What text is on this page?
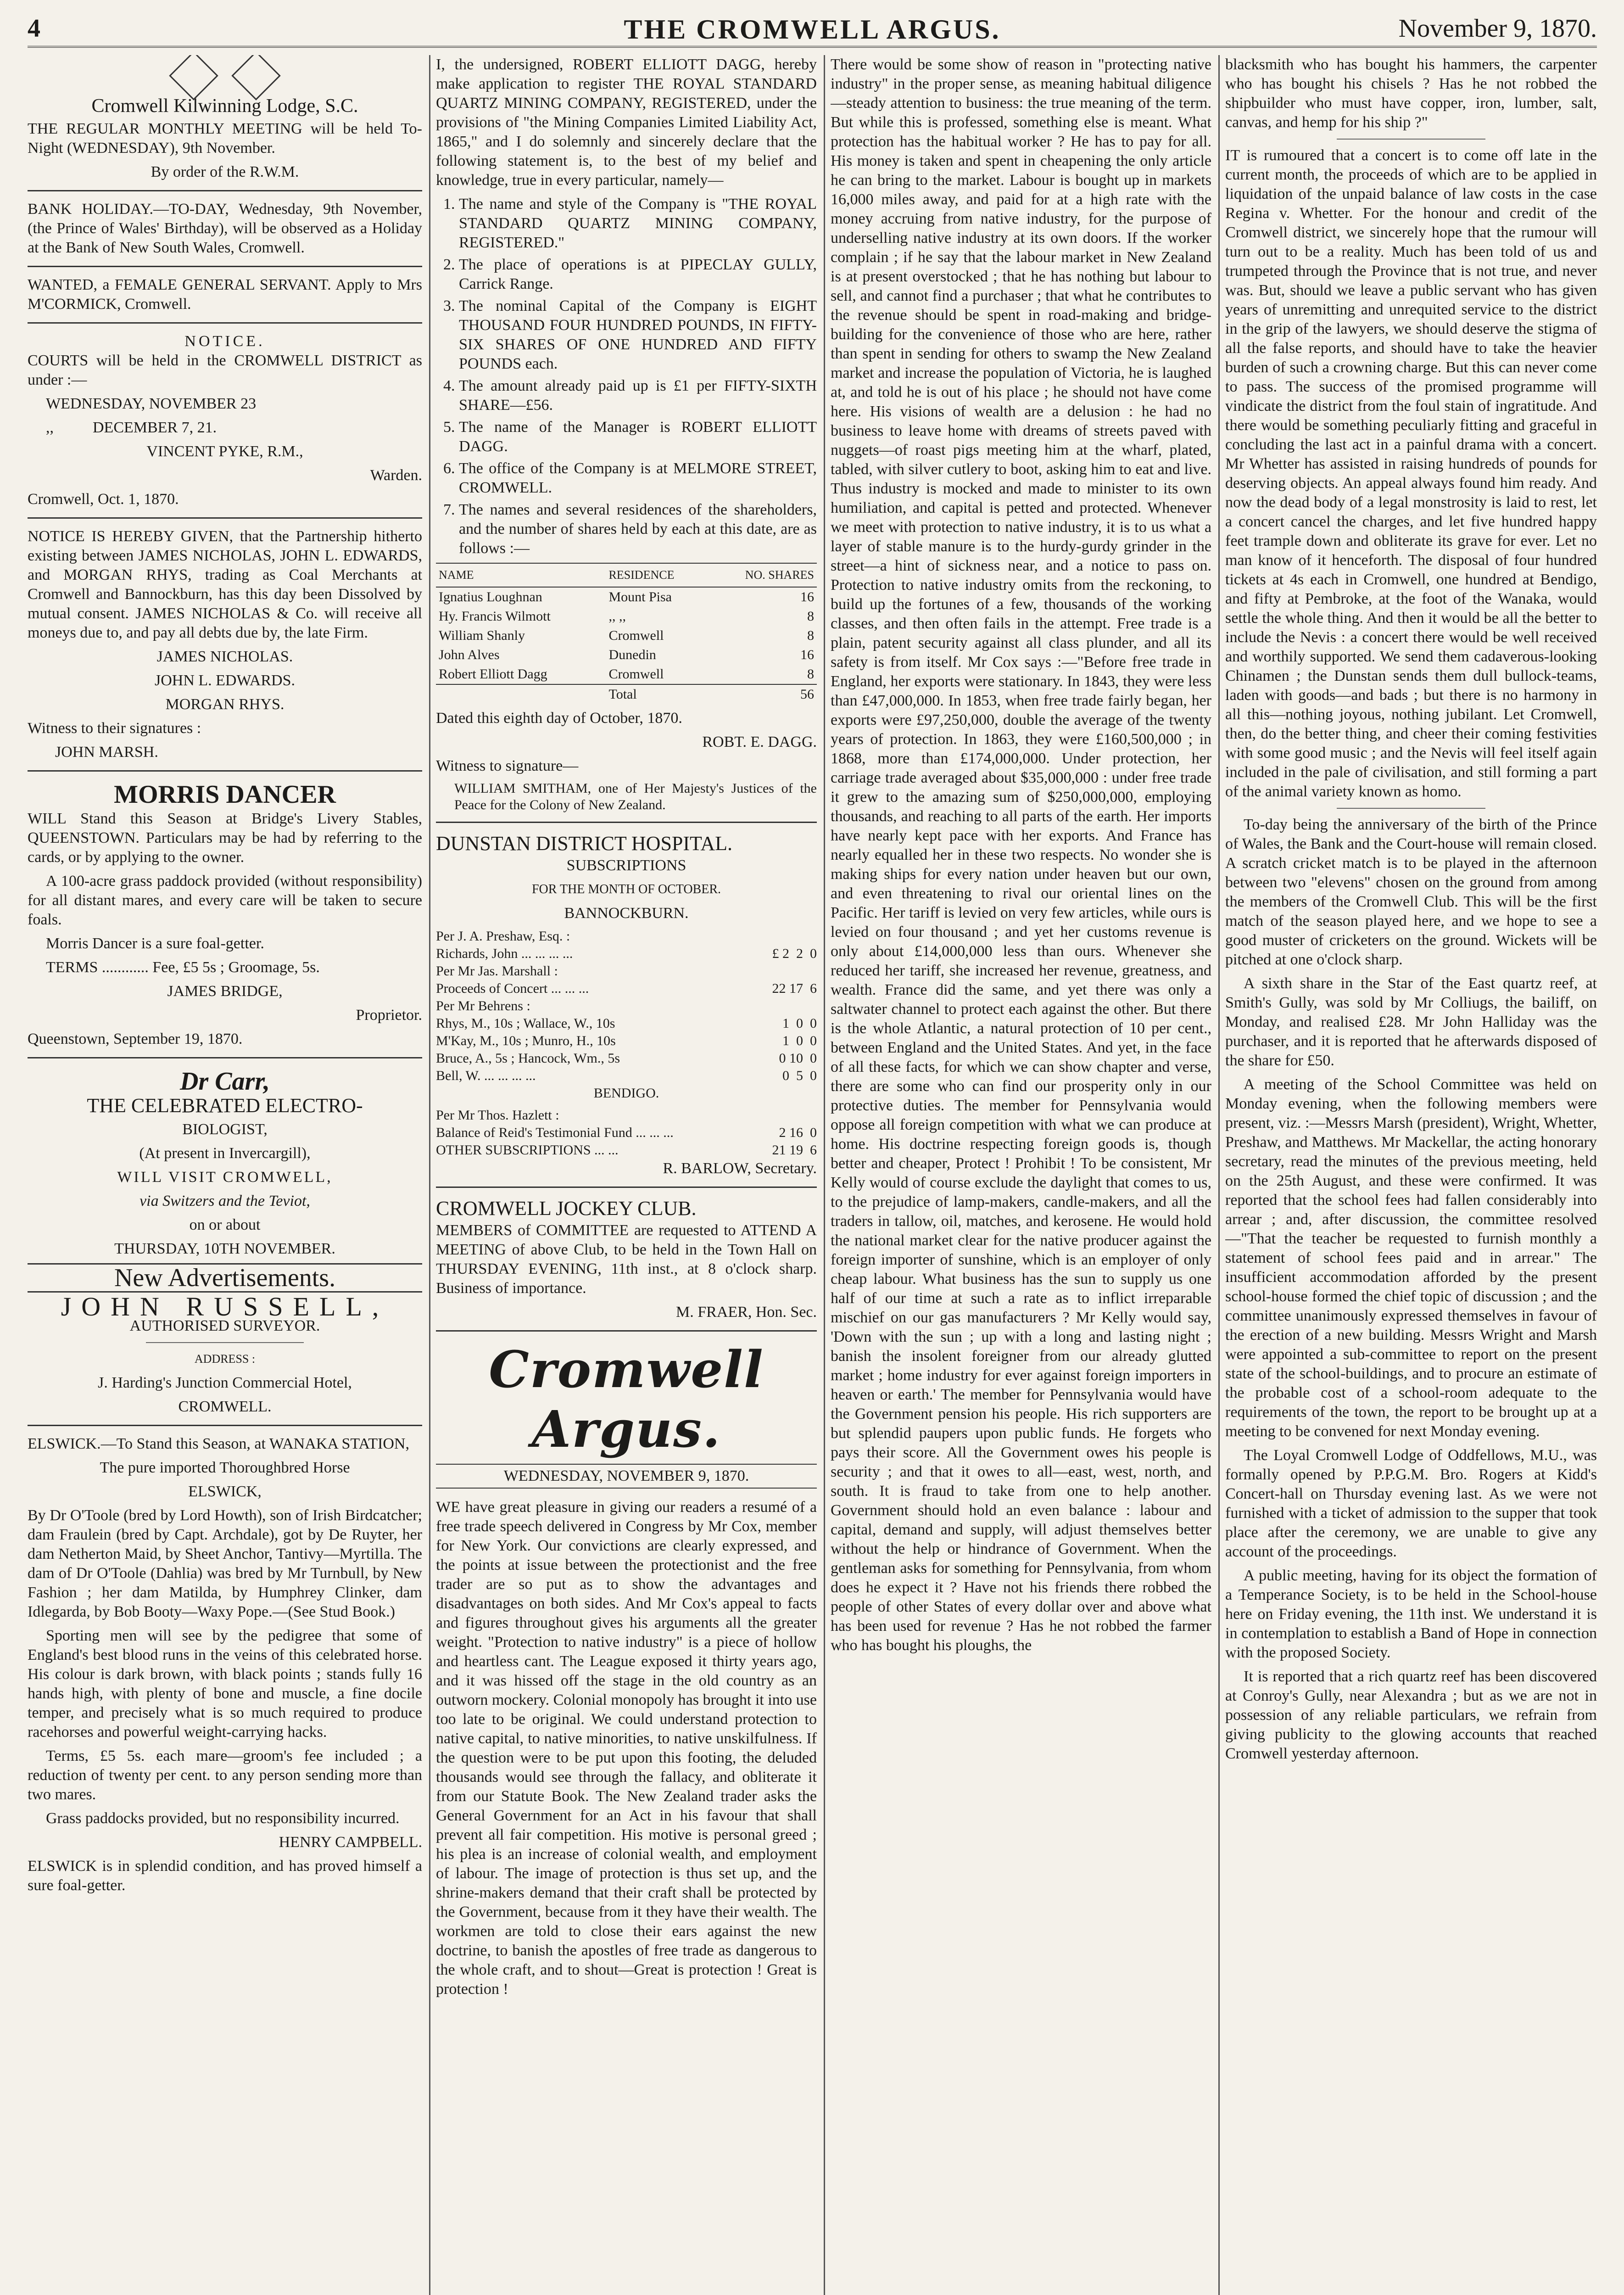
4	THE CROMWELL ARGUS.	November 9, 1870.
Cromwell Kilwinning Lodge, S.C.

THE REGULAR MONTHLY MEETING will be held To-Night (WEDNESDAY), 9th November.

By order of the R.W.M.

BANK HOLIDAY.—TO-DAY, Wednesday, 9th November, (the Prince of Wales' Birthday), will be observed as a Holiday at the Bank of New South Wales, Cromwell.

WANTED, a FEMALE GENERAL SERVANT. Apply to Mrs M'CORMICK, Cromwell.

NOTICE.

COURTS will be held in the CROMWELL DISTRICT as under :—

WEDNESDAY, NOVEMBER 23

,,          DECEMBER 7, 21.

VINCENT PYKE, R.M.,

Warden.

Cromwell, Oct. 1, 1870.

NOTICE IS HEREBY GIVEN, that the Partnership hitherto existing between JAMES NICHOLAS, JOHN L. EDWARDS, and MORGAN RHYS, trading as Coal Merchants at Cromwell and Bannockburn, has this day been Dissolved by mutual consent. JAMES NICHOLAS & Co. will receive all moneys due to, and pay all debts due by, the late Firm.

JAMES NICHOLAS.

JOHN L. EDWARDS.

MORGAN RHYS.

Witness to their signatures :

JOHN MARSH.

MORRIS DANCER

WILL Stand this Season at Bridge's Livery Stables, QUEENSTOWN. Particulars may be had by referring to the cards, or by applying to the owner.

A 100-acre grass paddock provided (without responsibility) for all distant mares, and every care will be taken to secure foals.

Morris Dancer is a sure foal-getter.

TERMS ............ Fee, £5 5s ; Groomage, 5s.

JAMES BRIDGE,

Proprietor.

Queenstown, September 19, 1870.

Dr Carr,

THE CELEBRATED ELECTRO-

BIOLOGIST,

(At present in Invercargill),

WILL VISIT CROMWELL,

via Switzers and the Teviot,

on or about

THURSDAY, 10TH NOVEMBER.

New Advertisements.
JOHN RUSSELL,

AUTHORISED SURVEYOR.

ADDRESS :

J. Harding's Junction Commercial Hotel,

CROMWELL.

ELSWICK.—To Stand this Season, at WANAKA STATION,

The pure imported Thoroughbred Horse

ELSWICK,

By Dr O'Toole (bred by Lord Howth), son of Irish Birdcatcher; dam Fraulein (bred by Capt. Archdale), got by De Ruyter, her dam Netherton Maid, by Sheet Anchor, Tantivy—Myrtilla. The dam of Dr O'Toole (Dahlia) was bred by Mr Turnbull, by New Fashion ; her dam Matilda, by Humphrey Clinker, dam Idlegarda, by Bob Booty—Waxy Pope.—(See Stud Book.)

Sporting men will see by the pedigree that some of England's best blood runs in the veins of this celebrated horse. His colour is dark brown, with black points ; stands fully 16 hands high, with plenty of bone and muscle, a fine docile temper, and precisely what is so much required to produce racehorses and powerful weight-carrying hacks.

Terms, £5 5s. each mare—groom's fee included ; a reduction of twenty per cent. to any person sending more than two mares.

Grass paddocks provided, but no responsibility incurred.

HENRY CAMPBELL.

ELSWICK is in splendid condition, and has proved himself a sure foal-getter.

I, the undersigned, ROBERT ELLIOTT DAGG, hereby make application to register THE ROYAL STANDARD QUARTZ MINING COMPANY, REGISTERED, under the provisions of "the Mining Companies Limited Liability Act, 1865," and I do solemnly and sincerely declare that the following statement is, to the best of my belief and knowledge, true in every particular, namely—

1. The name and style of the Company is "THE ROYAL STANDARD QUARTZ MINING COMPANY, REGISTERED."
2. The place of operations is at PIPECLAY GULLY, Carrick Range.
3. The nominal Capital of the Company is EIGHT THOUSAND FOUR HUNDRED POUNDS, IN FIFTY-SIX SHARES OF ONE HUNDRED AND FIFTY POUNDS each.
4. The amount already paid up is £1 per FIFTY-SIXTH SHARE—£56.
5. The name of the Manager is ROBERT ELLIOTT DAGG.
6. The office of the Company is at MELMORE STREET, CROMWELL.
7. The names and several residences of the shareholders, and the number of shares held by each at this date, are as follows :—
NAME	RESIDENCE	NO. SHARES
Ignatius Loughnan	Mount Pisa	16
Hy. Francis Wilmott	,, ,,	8
William Shanly	Cromwell	8
John Alves	Dunedin	16
Robert Elliott Dagg	Cromwell	8
	Total	56

Dated this eighth day of October, 1870.

ROBT. E. DAGG.

Witness to signature—

WILLIAM SMITHAM, one of Her Majesty's Justices of the Peace for the Colony of New Zealand.

DUNSTAN DISTRICT HOSPITAL.

SUBSCRIPTIONS

FOR THE MONTH OF OCTOBER.

BANNOCKBURN.

Per J. A. Preshaw, Esq. :
Richards, John ... ... ... ...	£ 2  2  0
Per Mr Jas. Marshall :
Proceeds of Concert ... ... ...	22 17  6
Per Mr Behrens :
Rhys, M., 10s ; Wallace, W., 10s	1  0  0
M'Kay, M., 10s ; Munro, H., 10s	1  0  0
Bruce, A., 5s ; Hancock, Wm., 5s	0 10  0
Bell, W. ... ... ... ...	0  5  0

BENDIGO.

Per Mr Thos. Hazlett :
Balance of Reid's Testimonial Fund ... ... ...	2 16  0
OTHER SUBSCRIPTIONS ... ...	21 19  6

R. BARLOW, Secretary.

CROMWELL JOCKEY CLUB.

MEMBERS of COMMITTEE are requested to ATTEND A MEETING of above Club, to be held in the Town Hall on THURSDAY EVENING, 11th inst., at 8 o'clock sharp. Business of importance.

M. FRAER, Hon. Sec.

Cromwell Argus.
WEDNESDAY, NOVEMBER 9, 1870.

WE have great pleasure in giving our readers a resumé of a free trade speech delivered in Congress by Mr Cox, member for New York. Our convictions are clearly expressed, and the points at issue between the protectionist and the free trader are so put as to show the advantages and disadvantages on both sides. And Mr Cox's appeal to facts and figures throughout gives his arguments all the greater weight. "Protection to native industry" is a piece of hollow and heartless cant. The League exposed it thirty years ago, and it was hissed off the stage in the old country as an outworn mockery. Colonial monopoly has brought it into use too late to be original. We could understand protection to native capital, to native minorities, to native unskilfulness. If the question were to be put upon this footing, the deluded thousands would see through the fallacy, and obliterate it from our Statute Book. The New Zealand trader asks the General Government for an Act in his favour that shall prevent all fair competition. His motive is personal greed ; his plea is an increase of colonial wealth, and employment of labour. The image of protection is thus set up, and the shrine-makers demand that their craft shall be protected by the Government, because from it they have their wealth. The workmen are told to close their ears against the new doctrine, to banish the apostles of free trade as dangerous to the whole craft, and to shout—Great is protection ! Great is protection !

There would be some show of reason in "protecting native industry" in the proper sense, as meaning habitual diligence—steady attention to business: the true meaning of the term. But while this is professed, something else is meant. What protection has the habitual worker ? He has to pay for all. His money is taken and spent in cheapening the only article he can bring to the market. Labour is bought up in markets 16,000 miles away, and paid for at a high rate with the money accruing from native industry, for the purpose of underselling native industry at its own doors. If the worker complain ; if he say that the labour market in New Zealand is at present overstocked ; that he has nothing but labour to sell, and cannot find a purchaser ; that what he contributes to the revenue should be spent in road-making and bridge-building for the convenience of those who are here, rather than spent in sending for others to swamp the New Zealand market and increase the population of Victoria, he is laughed at, and told he is out of his place ; he should not have come here. His visions of wealth are a delusion : he had no business to leave home with dreams of streets paved with nuggets—of roast pigs meeting him at the wharf, plated, tabled, with silver cutlery to boot, asking him to eat and live. Thus industry is mocked and made to minister to its own humiliation, and capital is petted and protected. Whenever we meet with protection to native industry, it is to us what a layer of stable manure is to the hurdy-gurdy grinder in the street—a hint of sickness near, and a notice to pass on. Protection to native industry omits from the reckoning, to build up the fortunes of a few, thousands of the working classes, and then often fails in the attempt. Free trade is a plain, patent security against all class plunder, and all its safety is from itself. Mr Cox says :—"Before free trade in England, her exports were stationary. In 1843, they were less than £47,000,000. In 1853, when free trade fairly began, her exports were £97,250,000, double the average of the twenty years of protection. In 1863, they were £160,500,000 ; in 1868, more than £174,000,000. Under protection, her carriage trade averaged about $35,000,000 : under free trade it grew to the amazing sum of $250,000,000, employing thousands, and reaching to all parts of the earth. Her imports have nearly kept pace with her exports. And France has nearly equalled her in these two respects. No wonder she is making ships for every nation under heaven but our own, and even threatening to rival our oriental lines on the Pacific. Her tariff is levied on very few articles, while ours is levied on four thousand ; and yet her customs revenue is only about £14,000,000 less than ours. Whenever she reduced her tariff, she increased her revenue, greatness, and wealth. France did the same, and yet there was only a saltwater channel to protect each against the other. But there is the whole Atlantic, a natural protection of 10 per cent., between England and the United States. And yet, in the face of all these facts, for which we can show chapter and verse, there are some who can find our prosperity only in our protective duties. The member for Pennsylvania would oppose all foreign competition with what we can produce at home. His doctrine respecting foreign goods is, though better and cheaper, Protect ! Prohibit ! To be consistent, Mr Kelly would of course exclude the daylight that comes to us, to the prejudice of lamp-makers, candle-makers, and all the traders in tallow, oil, matches, and kerosene. He would hold the national market clear for the native producer against the foreign importer of sunshine, which is an employer of only cheap labour. What business has the sun to supply us one half of our time at such a rate as to inflict irreparable mischief on our gas manufacturers ? Mr Kelly would say, 'Down with the sun ; up with a long and lasting night ; banish the insolent foreigner from our already glutted market ; home industry for ever against foreign importers in heaven or earth.' The member for Pennsylvania would have the Government pension his people. His rich supporters are but splendid paupers upon public funds. He forgets who pays their score. All the Government owes his people is security ; and that it owes to all—east, west, north, and south. It is fraud to take from one to help another. Government should hold an even balance : labour and capital, demand and supply, will adjust themselves better without the help or hindrance of Government. When the gentleman asks for something for Pennsylvania, from whom does he expect it ? Have not his friends there robbed the people of other States of every dollar over and above what has been used for revenue ? Has he not robbed the farmer who has bought his ploughs, the

blacksmith who has bought his hammers, the carpenter who has bought his chisels ? Has he not robbed the shipbuilder who must have copper, iron, lumber, salt, canvas, and hemp for his ship ?"

IT is rumoured that a concert is to come off late in the current month, the proceeds of which are to be applied in liquidation of the unpaid balance of law costs in the case Regina v. Whetter. For the honour and credit of the Cromwell district, we sincerely hope that the rumour will turn out to be a reality. Much has been told of us and trumpeted through the Province that is not true, and never was. But, should we leave a public servant who has given years of unremitting and unrequited service to the district in the grip of the lawyers, we should deserve the stigma of all the false reports, and should have to take the heavier burden of such a crowning charge. But this can never come to pass. The success of the promised programme will vindicate the district from the foul stain of ingratitude. And there would be something peculiarly fitting and graceful in concluding the last act in a painful drama with a concert. Mr Whetter has assisted in raising hundreds of pounds for deserving objects. An appeal always found him ready. And now the dead body of a legal monstrosity is laid to rest, let a concert cancel the charges, and let five hundred happy feet trample down and obliterate its grave for ever. Let no man know of it henceforth. The disposal of four hundred tickets at 4s each in Cromwell, one hundred at Bendigo, and fifty at Pembroke, at the foot of the Wanaka, would settle the whole thing. And then it would be all the better to include the Nevis : a concert there would be well received and worthily supported. We send them cadaverous-looking Chinamen ; the Dunstan sends them dull bullock-teams, laden with goods—and bads ; but there is no harmony in all this—nothing joyous, nothing jubilant. Let Cromwell, then, do the better thing, and cheer their coming festivities with some good music ; and the Nevis will feel itself again included in the pale of civilisation, and still forming a part of the animal variety known as homo.

To-day being the anniversary of the birth of the Prince of Wales, the Bank and the Court-house will remain closed. A scratch cricket match is to be played in the afternoon between two "elevens" chosen on the ground from among the members of the Cromwell Club. This will be the first match of the season played here, and we hope to see a good muster of cricketers on the ground. Wickets will be pitched at one o'clock sharp.

A sixth share in the Star of the East quartz reef, at Smith's Gully, was sold by Mr Colliugs, the bailiff, on Monday, and realised £28. Mr John Halliday was the purchaser, and it is reported that he afterwards disposed of the share for £50.

A meeting of the School Committee was held on Monday evening, when the following members were present, viz. :—Messrs Marsh (president), Wright, Whetter, Preshaw, and Matthews. Mr Mackellar, the acting honorary secretary, read the minutes of the previous meeting, held on the 25th August, and these were confirmed. It was reported that the school fees had fallen considerably into arrear ; and, after discussion, the committee resolved—"That the teacher be requested to furnish monthly a statement of school fees paid and in arrear." The insufficient accommodation afforded by the present school-house formed the chief topic of discussion ; and the committee unanimously expressed themselves in favour of the erection of a new building. Messrs Wright and Marsh were appointed a sub-committee to report on the present state of the school-buildings, and to procure an estimate of the probable cost of a school-room adequate to the requirements of the town, the report to be brought up at a meeting to be convened for next Monday evening.

The Loyal Cromwell Lodge of Oddfellows, M.U., was formally opened by P.P.G.M. Bro. Rogers at Kidd's Concert-hall on Thursday evening last. As we were not furnished with a ticket of admission to the supper that took place after the ceremony, we are unable to give any account of the proceedings.

A public meeting, having for its object the formation of a Temperance Society, is to be held in the School-house here on Friday evening, the 11th inst. We understand it is in contemplation to establish a Band of Hope in connection with the proposed Society.

It is reported that a rich quartz reef has been discovered at Conroy's Gully, near Alexandra ; but as we are not in possession of any reliable particulars, we refrain from giving publicity to the glowing accounts that reached Cromwell yesterday afternoon.
